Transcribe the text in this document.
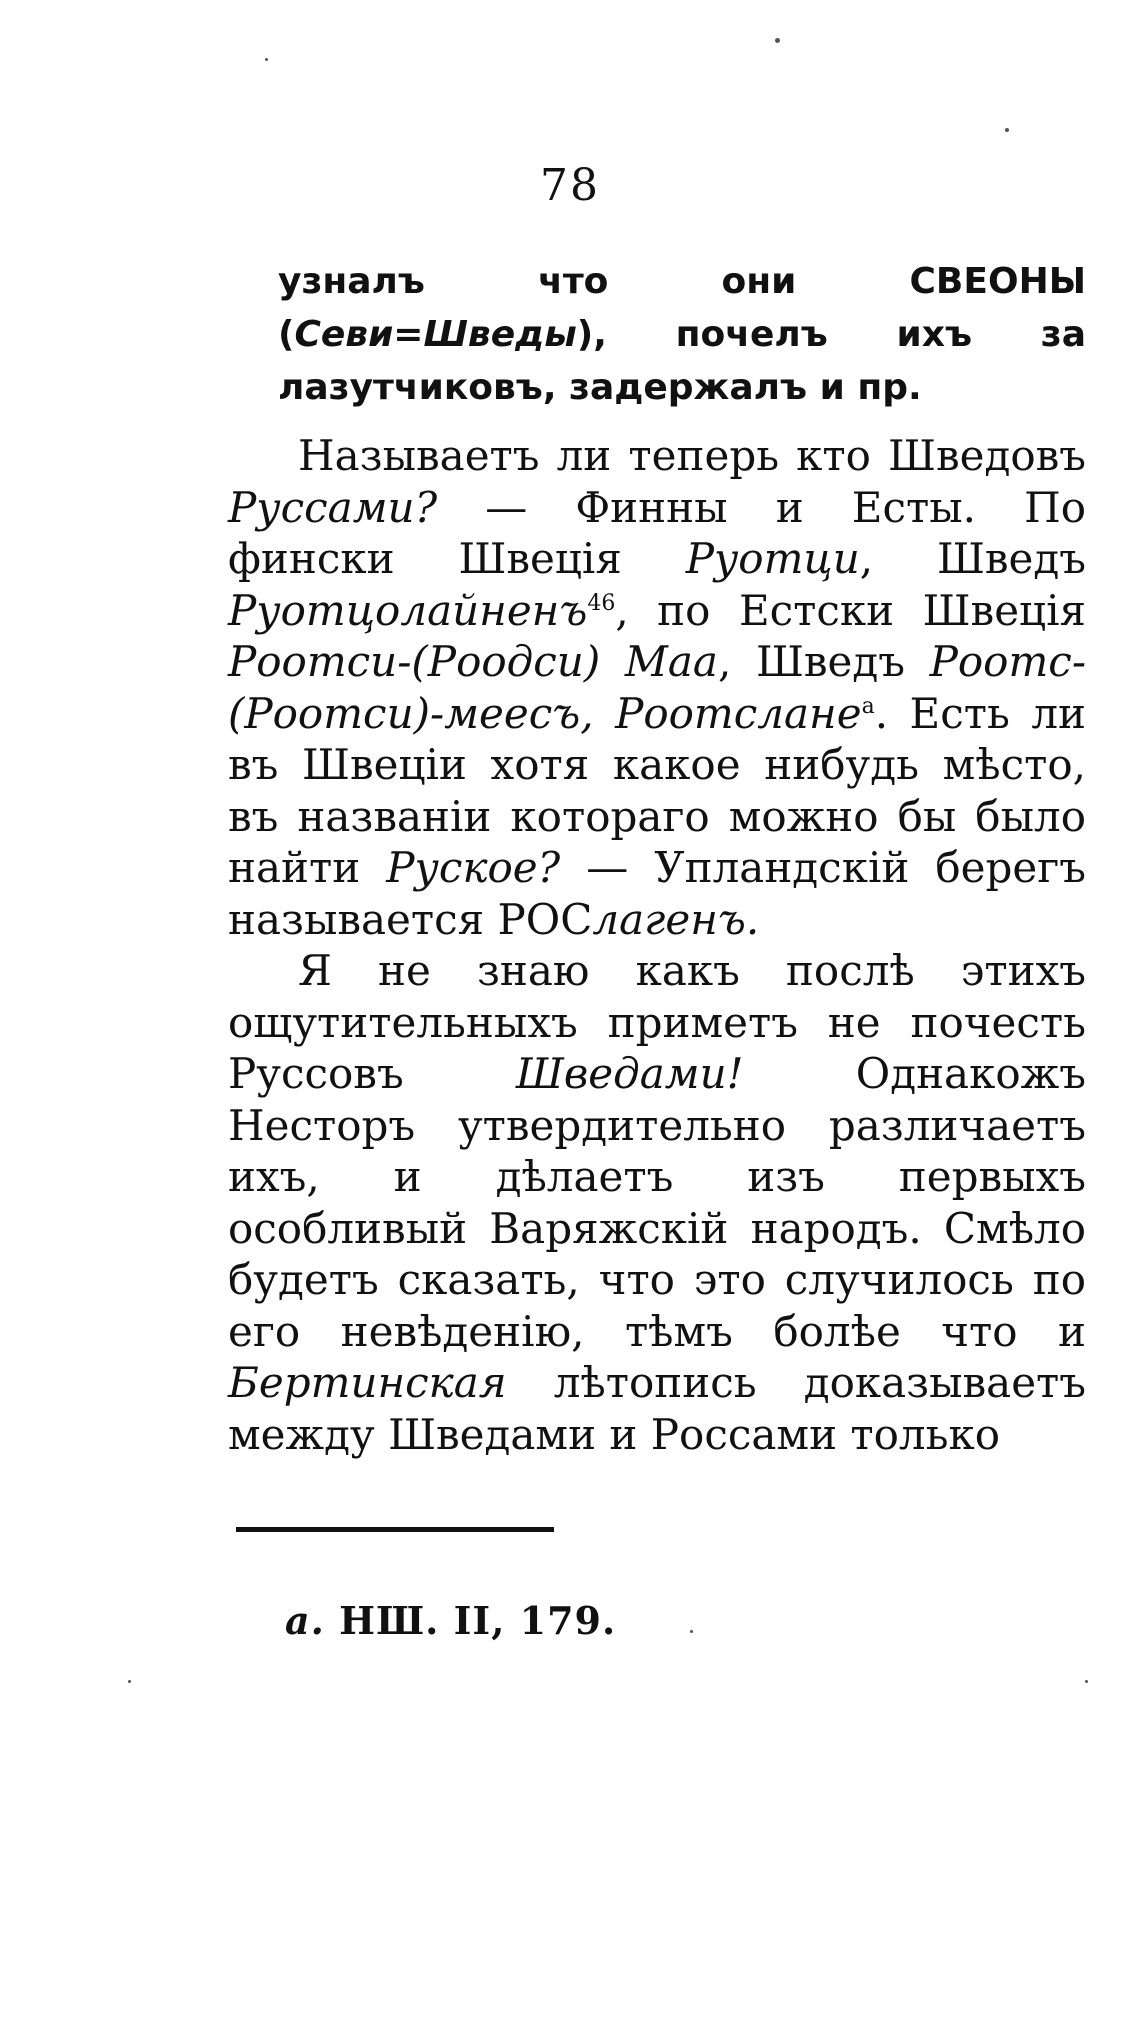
78
узналъ что они СВЕОНЫ (Севи=Шведы), почелъ ихъ за лазутчиковъ, задержалъ и пр.

Называетъ ли теперь кто Шведовъ Руссами? — Финны и Есты. По фински Швеція Руотци, Шведъ Руотцолайненъ$^{46}$, по Естски Швеція Роотси-(Роодси) Маа, Шведъ Роотс-(Роотси)-меесъ, Роотслане$^a$. Есть ли въ Швеціи хотя какое нибудь мѣсто, въ названіи котораго можно бы было найти Руское? — Упландскій берегъ называется РОСлагенъ.

Я не знаю какъ послѣ этихъ ощутительныхъ приметъ не почесть Руссовъ Шведами! Однакожъ Несторъ утвердительно различаетъ ихъ, и дѣлаетъ изъ первыхъ особливый Варяжскій народъ. Смѣло будетъ сказать, что это случилось по его невѣденію, тѣмъ болѣе что и Бертинская лѣтопись доказываетъ между Шведами и Россами только

a. НШ. II, 179.
